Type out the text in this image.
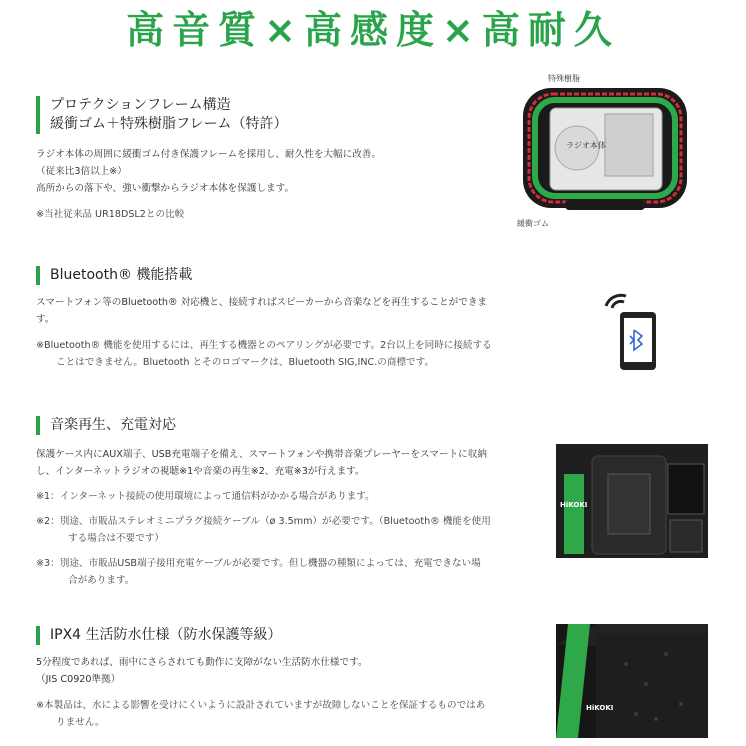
高音質×高感度×高耐久
プロテクションフレーム構造
緩衝ゴム＋特殊樹脂フレーム（特許）
ラジオ本体の周囲に緩衝ゴム付き保護フレームを採用し、耐久性を大幅に改善。
（従来比3倍以上※）
高所からの落下や、強い衝撃からラジオ本体を保護します。
※当社従来品 UR18DSL2との比較
特殊樹脂
ラジオ本体
緩衝ゴム
Bluetooth® 機能搭載
スマートフォン等のBluetooth® 対応機と、接続すればスピーカーから音楽などを再生することができま
す。
※Bluetooth® 機能を使用するには、再生する機器とのペアリングが必要です。2台以上を同時に接続する
ことはできません。Bluetooth とそのロゴマークは、Bluetooth SIG,INC.の商標です。
音楽再生、充電対応
保護ケース内にAUX端子、USB充電端子を備え、スマートフォンや携帯音楽プレーヤーをスマートに収納
し、インターネットラジオの視聴※1や音楽の再生※2、充電※3が行えます。
※1：インターネット接続の使用環境によって通信料がかかる場合があります。
※2：別途、市販品ステレオミニプラグ接続ケーブル（ø 3.5mm）が必要です。（Bluetooth® 機能を使用
する場合は不要です）
※3：別途、市販品USB端子接用充電ケーブルが必要です。但し機器の種類によっては、充電できない場
合があります。
HiKOKI
IPX4 生活防水仕様（防水保護等級）
5分程度であれば、雨中にさらされても動作に支障がない生活防水仕様です。
（JIS C0920準拠）
※本製品は、水による影響を受けにくいように設計されていますが故障しないことを保証するものではあ
りません。
HiKOKI
